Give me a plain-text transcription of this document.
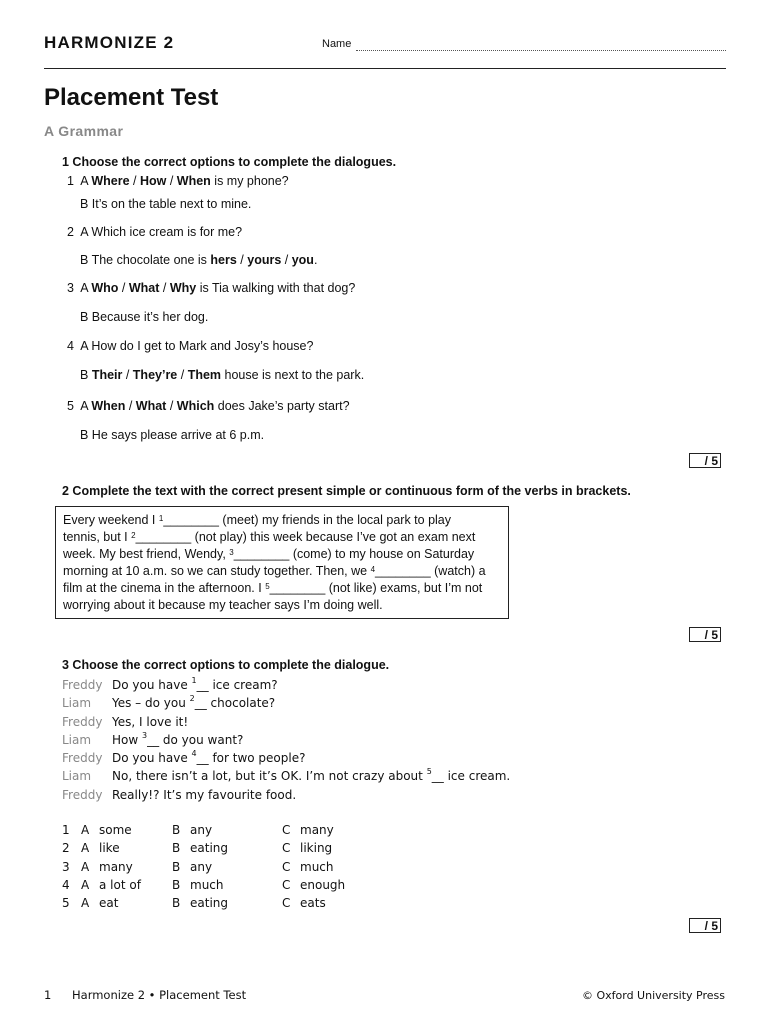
HARMONIZE 2	Name
Placement Test
A Grammar
1 Choose the correct options to complete the dialogues.
1 A Where / How / When is my phone?
B It’s on the table next to mine.
2 A Which ice cream is for me?
B The chocolate one is hers / yours / you.
3 A Who / What / Why is Tia walking with that dog?
B Because it’s her dog.
4 A How do I get to Mark and Josy’s house?
B Their / They’re / Them house is next to the park.
5 A When / What / Which does Jake’s party start?
B He says please arrive at 6 p.m.
/ 5
2 Complete the text with the correct present simple or continuous form of the verbs in brackets.
Every weekend I $^1$________ (meet) my friends in the local park to play
tennis, but I $^2$________ (not play) this week because I’ve got an exam next
week. My best friend, Wendy, $^3$________ (come) to my house on Saturday
morning at 10 a.m. so we can study together. Then, we $^4$________ (watch) a
film at the cinema in the afternoon. I $^5$________ (not like) exams, but I’m not
worrying about it because my teacher says I’m doing well.
/ 5
3 Choose the correct options to complete the dialogue.
Freddy Do you have $^1$__ ice cream?
Liam	Yes – do you $^2$__ chocolate?
Freddy Yes, I love it!
Liam	How $^3$__ do you want?
Freddy Do you have $^4$__ for two people?
Liam	No, there isn’t a lot, but it’s OK. I’m not crazy about $^5$__ ice cream.
Freddy Really!? It’s my favourite food.
1 A some	B any	C many
2 A like	B eating	C liking
3 A many	B any	C much
4 A a lot of	B much	C enough
5 A eat	B eating	C eats
/ 5
1 Harmonize 2 • Placement Test	© Oxford University Press
